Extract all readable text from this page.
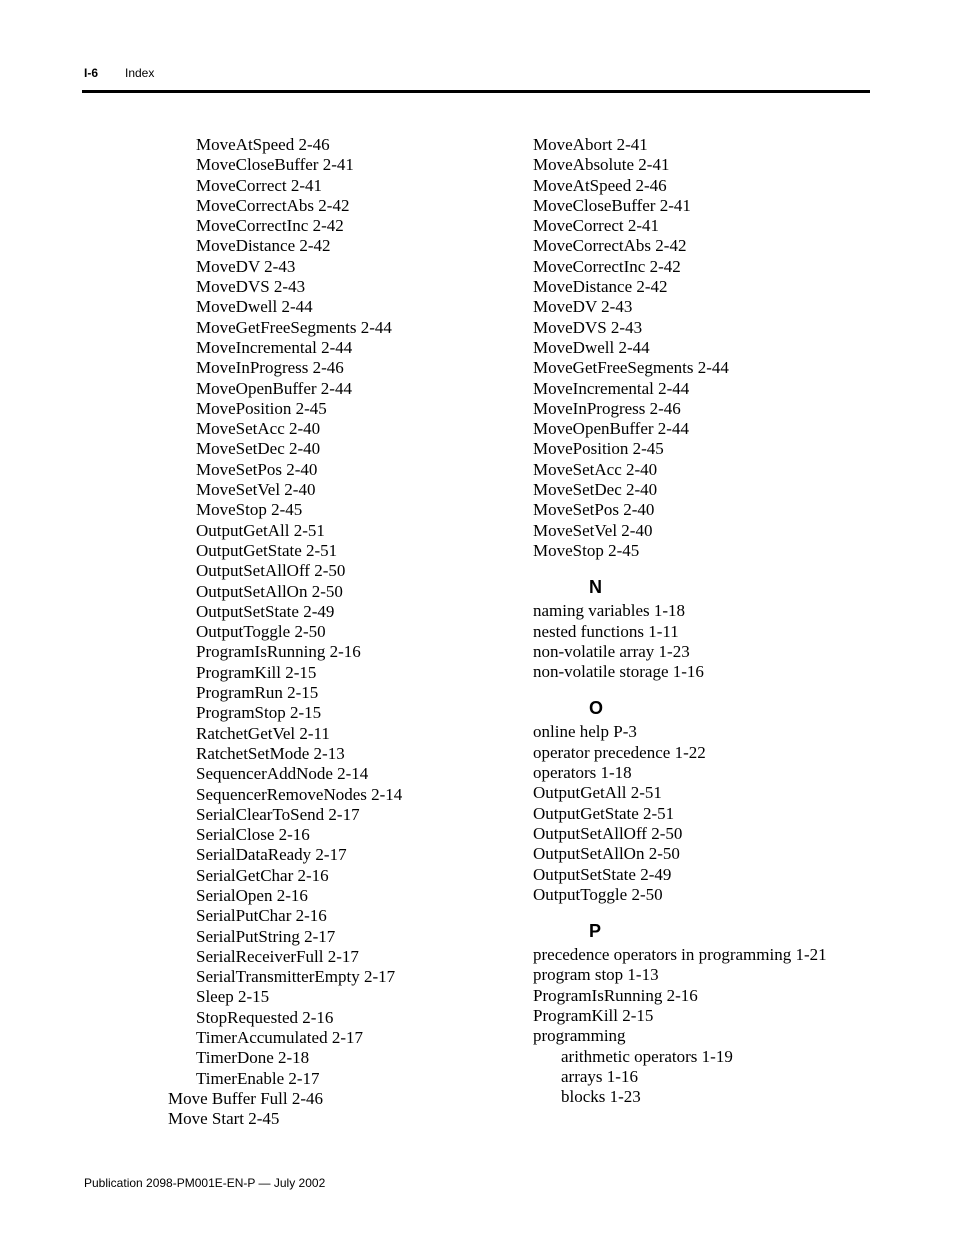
I-6 Index
MoveAtSpeed 2-46
MoveCloseBuffer 2-41
MoveCorrect 2-41
MoveCorrectAbs 2-42
MoveCorrectInc 2-42
MoveDistance 2-42
MoveDV 2-43
MoveDVS 2-43
MoveDwell 2-44
MoveGetFreeSegments 2-44
MoveIncremental 2-44
MoveInProgress 2-46
MoveOpenBuffer 2-44
MovePosition 2-45
MoveSetAcc 2-40
MoveSetDec 2-40
MoveSetPos 2-40
MoveSetVel 2-40
MoveStop 2-45
OutputGetAll 2-51
OutputGetState 2-51
OutputSetAllOff 2-50
OutputSetAllOn 2-50
OutputSetState 2-49
OutputToggle 2-50
ProgramIsRunning 2-16
ProgramKill 2-15
ProgramRun 2-15
ProgramStop 2-15
RatchetGetVel 2-11
RatchetSetMode 2-13
SequencerAddNode 2-14
SequencerRemoveNodes 2-14
SerialClearToSend 2-17
SerialClose 2-16
SerialDataReady 2-17
SerialGetChar 2-16
SerialOpen 2-16
SerialPutChar 2-16
SerialPutString 2-17
SerialReceiverFull 2-17
SerialTransmitterEmpty 2-17
Sleep 2-15
StopRequested 2-16
TimerAccumulated 2-17
TimerDone 2-18
TimerEnable 2-17
Move Buffer Full 2-46
Move Start 2-45
MoveAbort 2-41
MoveAbsolute 2-41
MoveAtSpeed 2-46
MoveCloseBuffer 2-41
MoveCorrect 2-41
MoveCorrectAbs 2-42
MoveCorrectInc 2-42
MoveDistance 2-42
MoveDV 2-43
MoveDVS 2-43
MoveDwell 2-44
MoveGetFreeSegments 2-44
MoveIncremental 2-44
MoveInProgress 2-46
MoveOpenBuffer 2-44
MovePosition 2-45
MoveSetAcc 2-40
MoveSetDec 2-40
MoveSetPos 2-40
MoveSetVel 2-40
MoveStop 2-45
N
naming variables 1-18
nested functions 1-11
non-volatile array 1-23
non-volatile storage 1-16
O
online help P-3
operator precedence 1-22
operators 1-18
OutputGetAll 2-51
OutputGetState 2-51
OutputSetAllOff 2-50
OutputSetAllOn 2-50
OutputSetState 2-49
OutputToggle 2-50
P
precedence operators in programming 1-21
program stop 1-13
ProgramIsRunning 2-16
ProgramKill 2-15
programming
arithmetic operators 1-19
arrays 1-16
blocks 1-23
Publication 2098-PM001E-EN-P — July 2002
